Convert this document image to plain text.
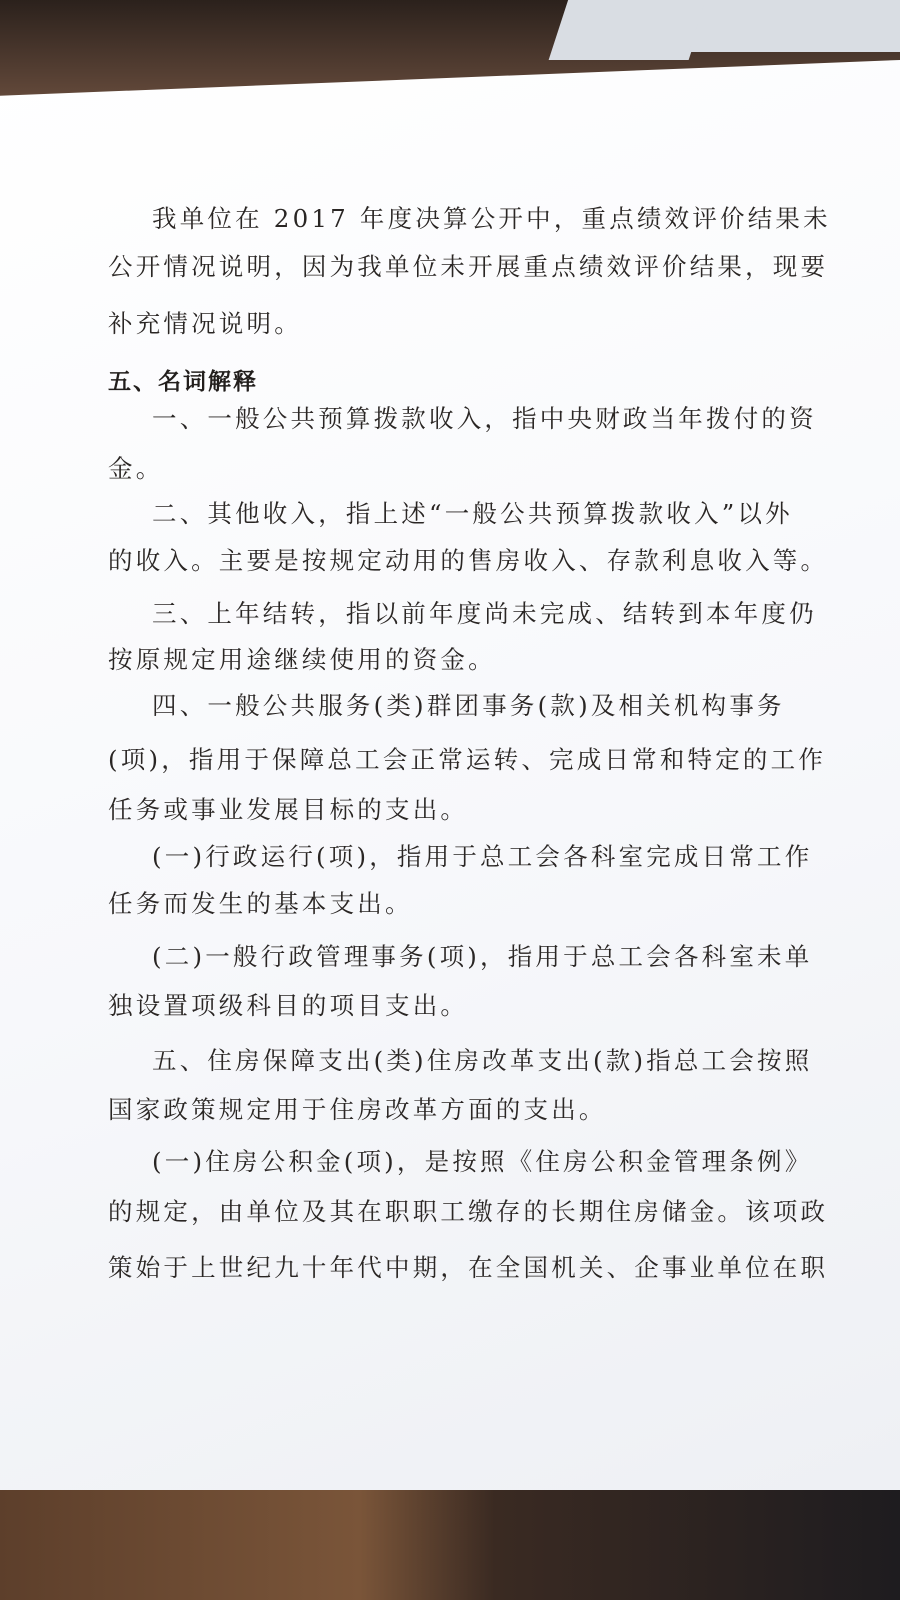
我单位在 2017 年度决算公开中，重点绩效评价结果未

公开情况说明，因为我单位未开展重点绩效评价结果，现要

补充情况说明。

五、名词解释

一、一般公共预算拨款收入，指中央财政当年拨付的资

金。

二、其他收入，指上述“一般公共预算拨款收入”以外

的收入。主要是按规定动用的售房收入、存款利息收入等。

三、上年结转，指以前年度尚未完成、结转到本年度仍

按原规定用途继续使用的资金。

四、一般公共服务(类)群团事务(款)及相关机构事务

(项)，指用于保障总工会正常运转、完成日常和特定的工作

任务或事业发展目标的支出。

(一)行政运行(项)，指用于总工会各科室完成日常工作

任务而发生的基本支出。

(二)一般行政管理事务(项)，指用于总工会各科室未单

独设置项级科目的项目支出。

五、住房保障支出(类)住房改革支出(款)指总工会按照

国家政策规定用于住房改革方面的支出。

(一)住房公积金(项)，是按照《住房公积金管理条例》

的规定，由单位及其在职职工缴存的长期住房储金。该项政

策始于上世纪九十年代中期，在全国机关、企事业单位在职
